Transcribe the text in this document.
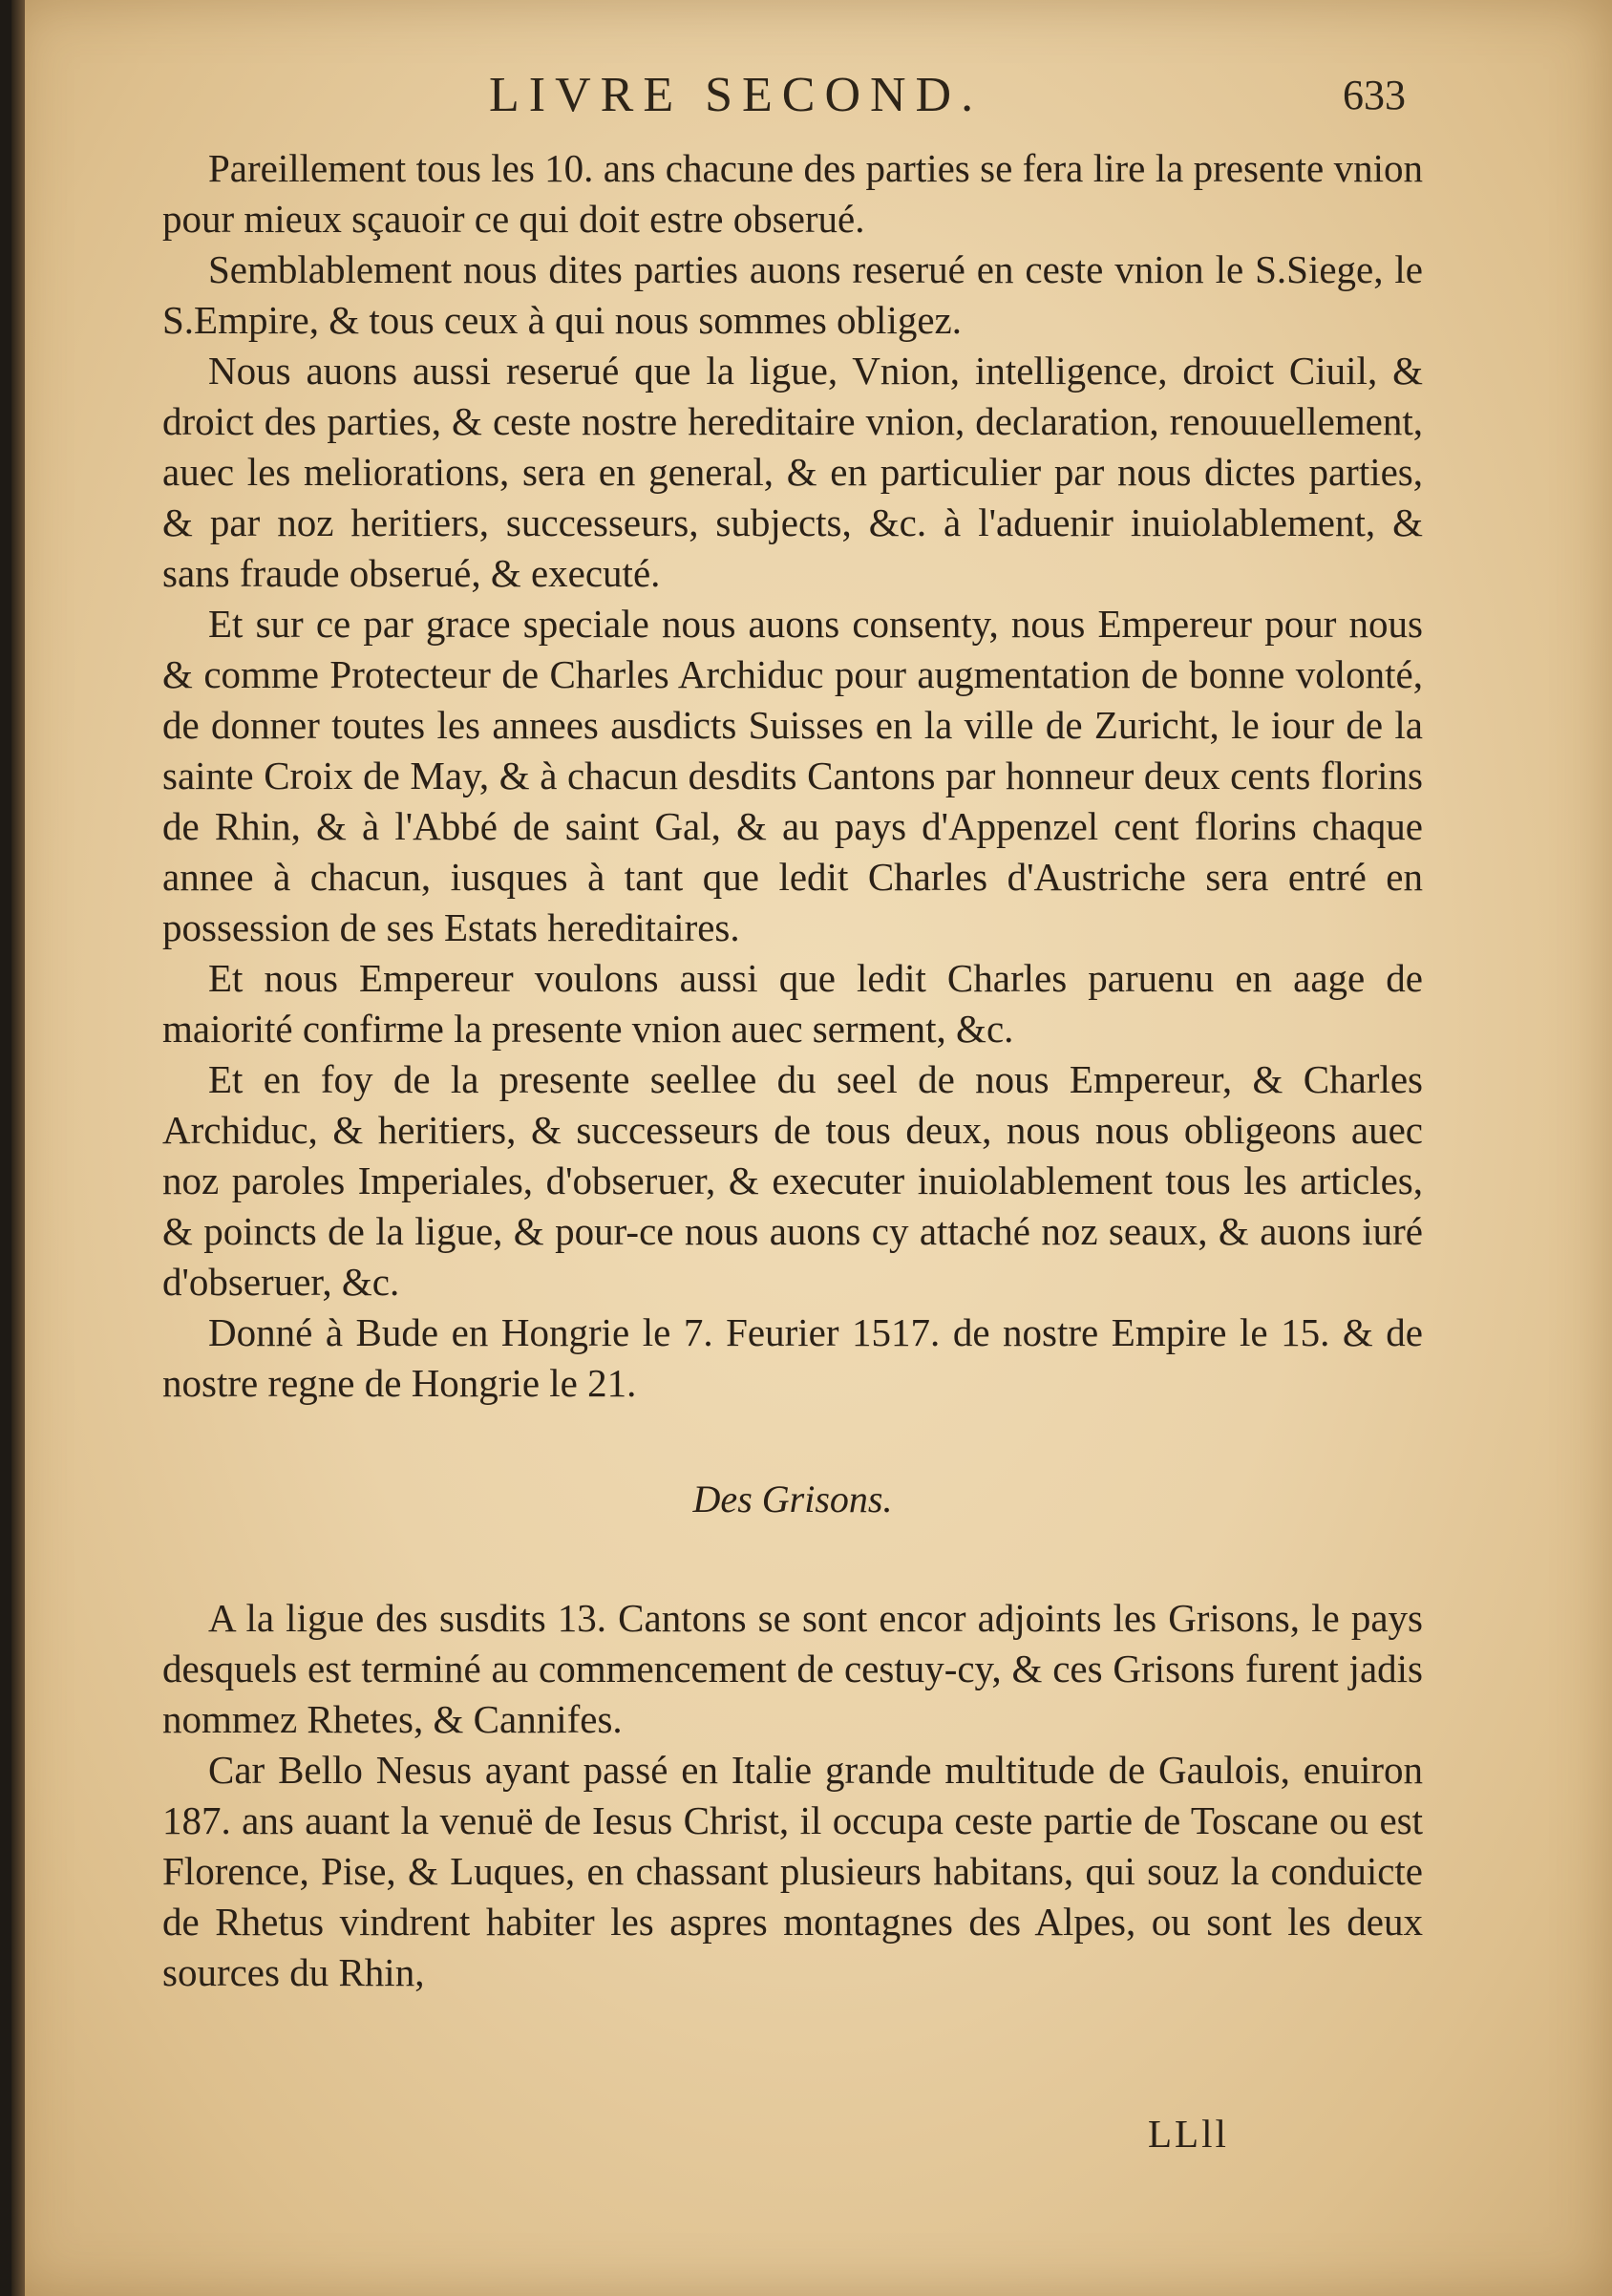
LIVRE SECOND.	633

Pareillement tous les 10. ans chacune des parties se fera lire la presente vnion pour mieux sçauoir ce qui doit estre obserué.

Semblablement nous dites parties auons reserué en ceste vnion le S.Siege, le S.Empire, & tous ceux à qui nous sommes obligez.

Nous auons aussi reserué que la ligue, Vnion, intelligence, droict Ciuil, & droict des parties, & ceste nostre hereditaire vnion, declaration, renouuellement, auec les meliorations, sera en general, & en particulier par nous dictes parties, & par noz heritiers, successeurs, subjects, &c. à l'aduenir inuiolablement, & sans fraude obserué, & executé.

Et sur ce par grace speciale nous auons consenty, nous Empereur pour nous & comme Protecteur de Charles Archiduc pour augmentation de bonne volonté, de donner toutes les annees ausdicts Suisses en la ville de Zuricht, le iour de la sainte Croix de May, & à chacun desdits Cantons par honneur deux cents florins de Rhin, & à l'Abbé de saint Gal, & au pays d'Appenzel cent florins chaque annee à chacun, iusques à tant que ledit Charles d'Austriche sera entré en possession de ses Estats hereditaires.

Et nous Empereur voulons aussi que ledit Charles paruenu en aage de maiorité confirme la presente vnion auec serment, &c.

Et en foy de la presente seellee du seel de nous Empereur, & Charles Archiduc, & heritiers, & successeurs de tous deux, nous nous obligeons auec noz paroles Imperiales, d'obseruer, & executer inuiolablement tous les articles, & poincts de la ligue, & pour-ce nous auons cy attaché noz seaux, & auons iuré d'obseruer, &c.

Donné à Bude en Hongrie le 7. Feurier 1517. de nostre Empire le 15. & de nostre regne de Hongrie le 21.

Des Grisons.

A la ligue des susdits 13. Cantons se sont encor adjoints les Grisons, le pays desquels est terminé au commencement de cestuy-cy, & ces Grisons furent jadis nommez Rhetes, & Cannifes.

Car Bello Nesus ayant passé en Italie grande multitude de Gaulois, enuiron 187. ans auant la venuë de Iesus Christ, il occupa ceste partie de Toscane ou est Florence, Pise, & Luques, en chassant plusieurs habitans, qui souz la conduicte de Rhetus vindrent habiter les aspres montagnes des Alpes, ou sont les deux sources du Rhin,

LLll
